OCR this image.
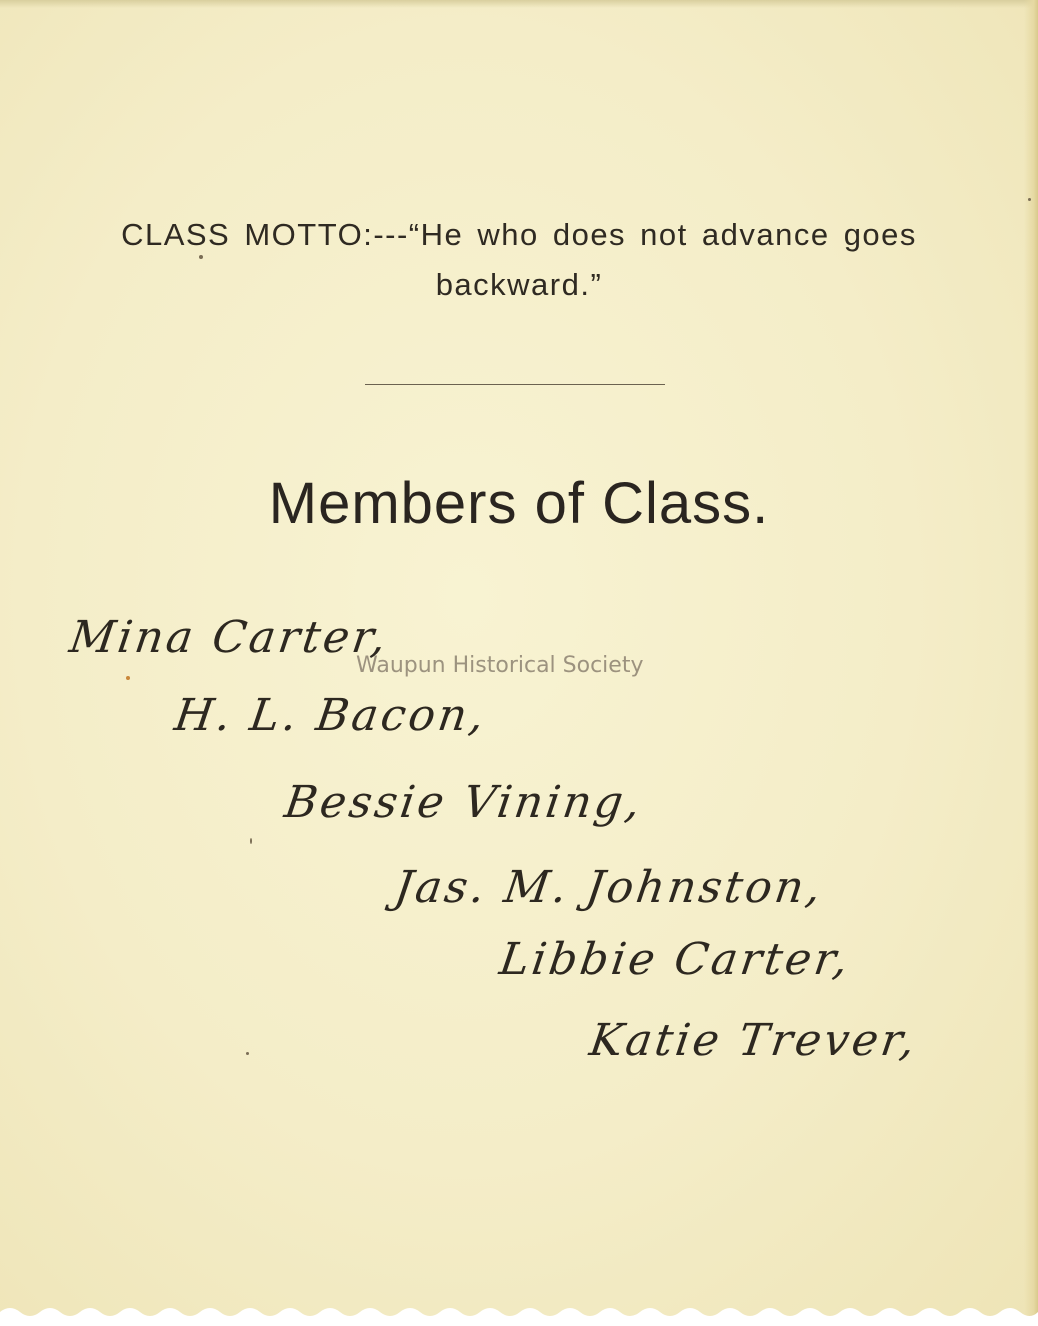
CLASS MOTTO:---“He who does not advance goes
backward.”
Members of Class.
Mina Carter,
H. L. Bacon,
Bessie Vining,
Jas. M. Johnston,
Libbie Carter,
Katie Trever,
Waupun Historical Society
